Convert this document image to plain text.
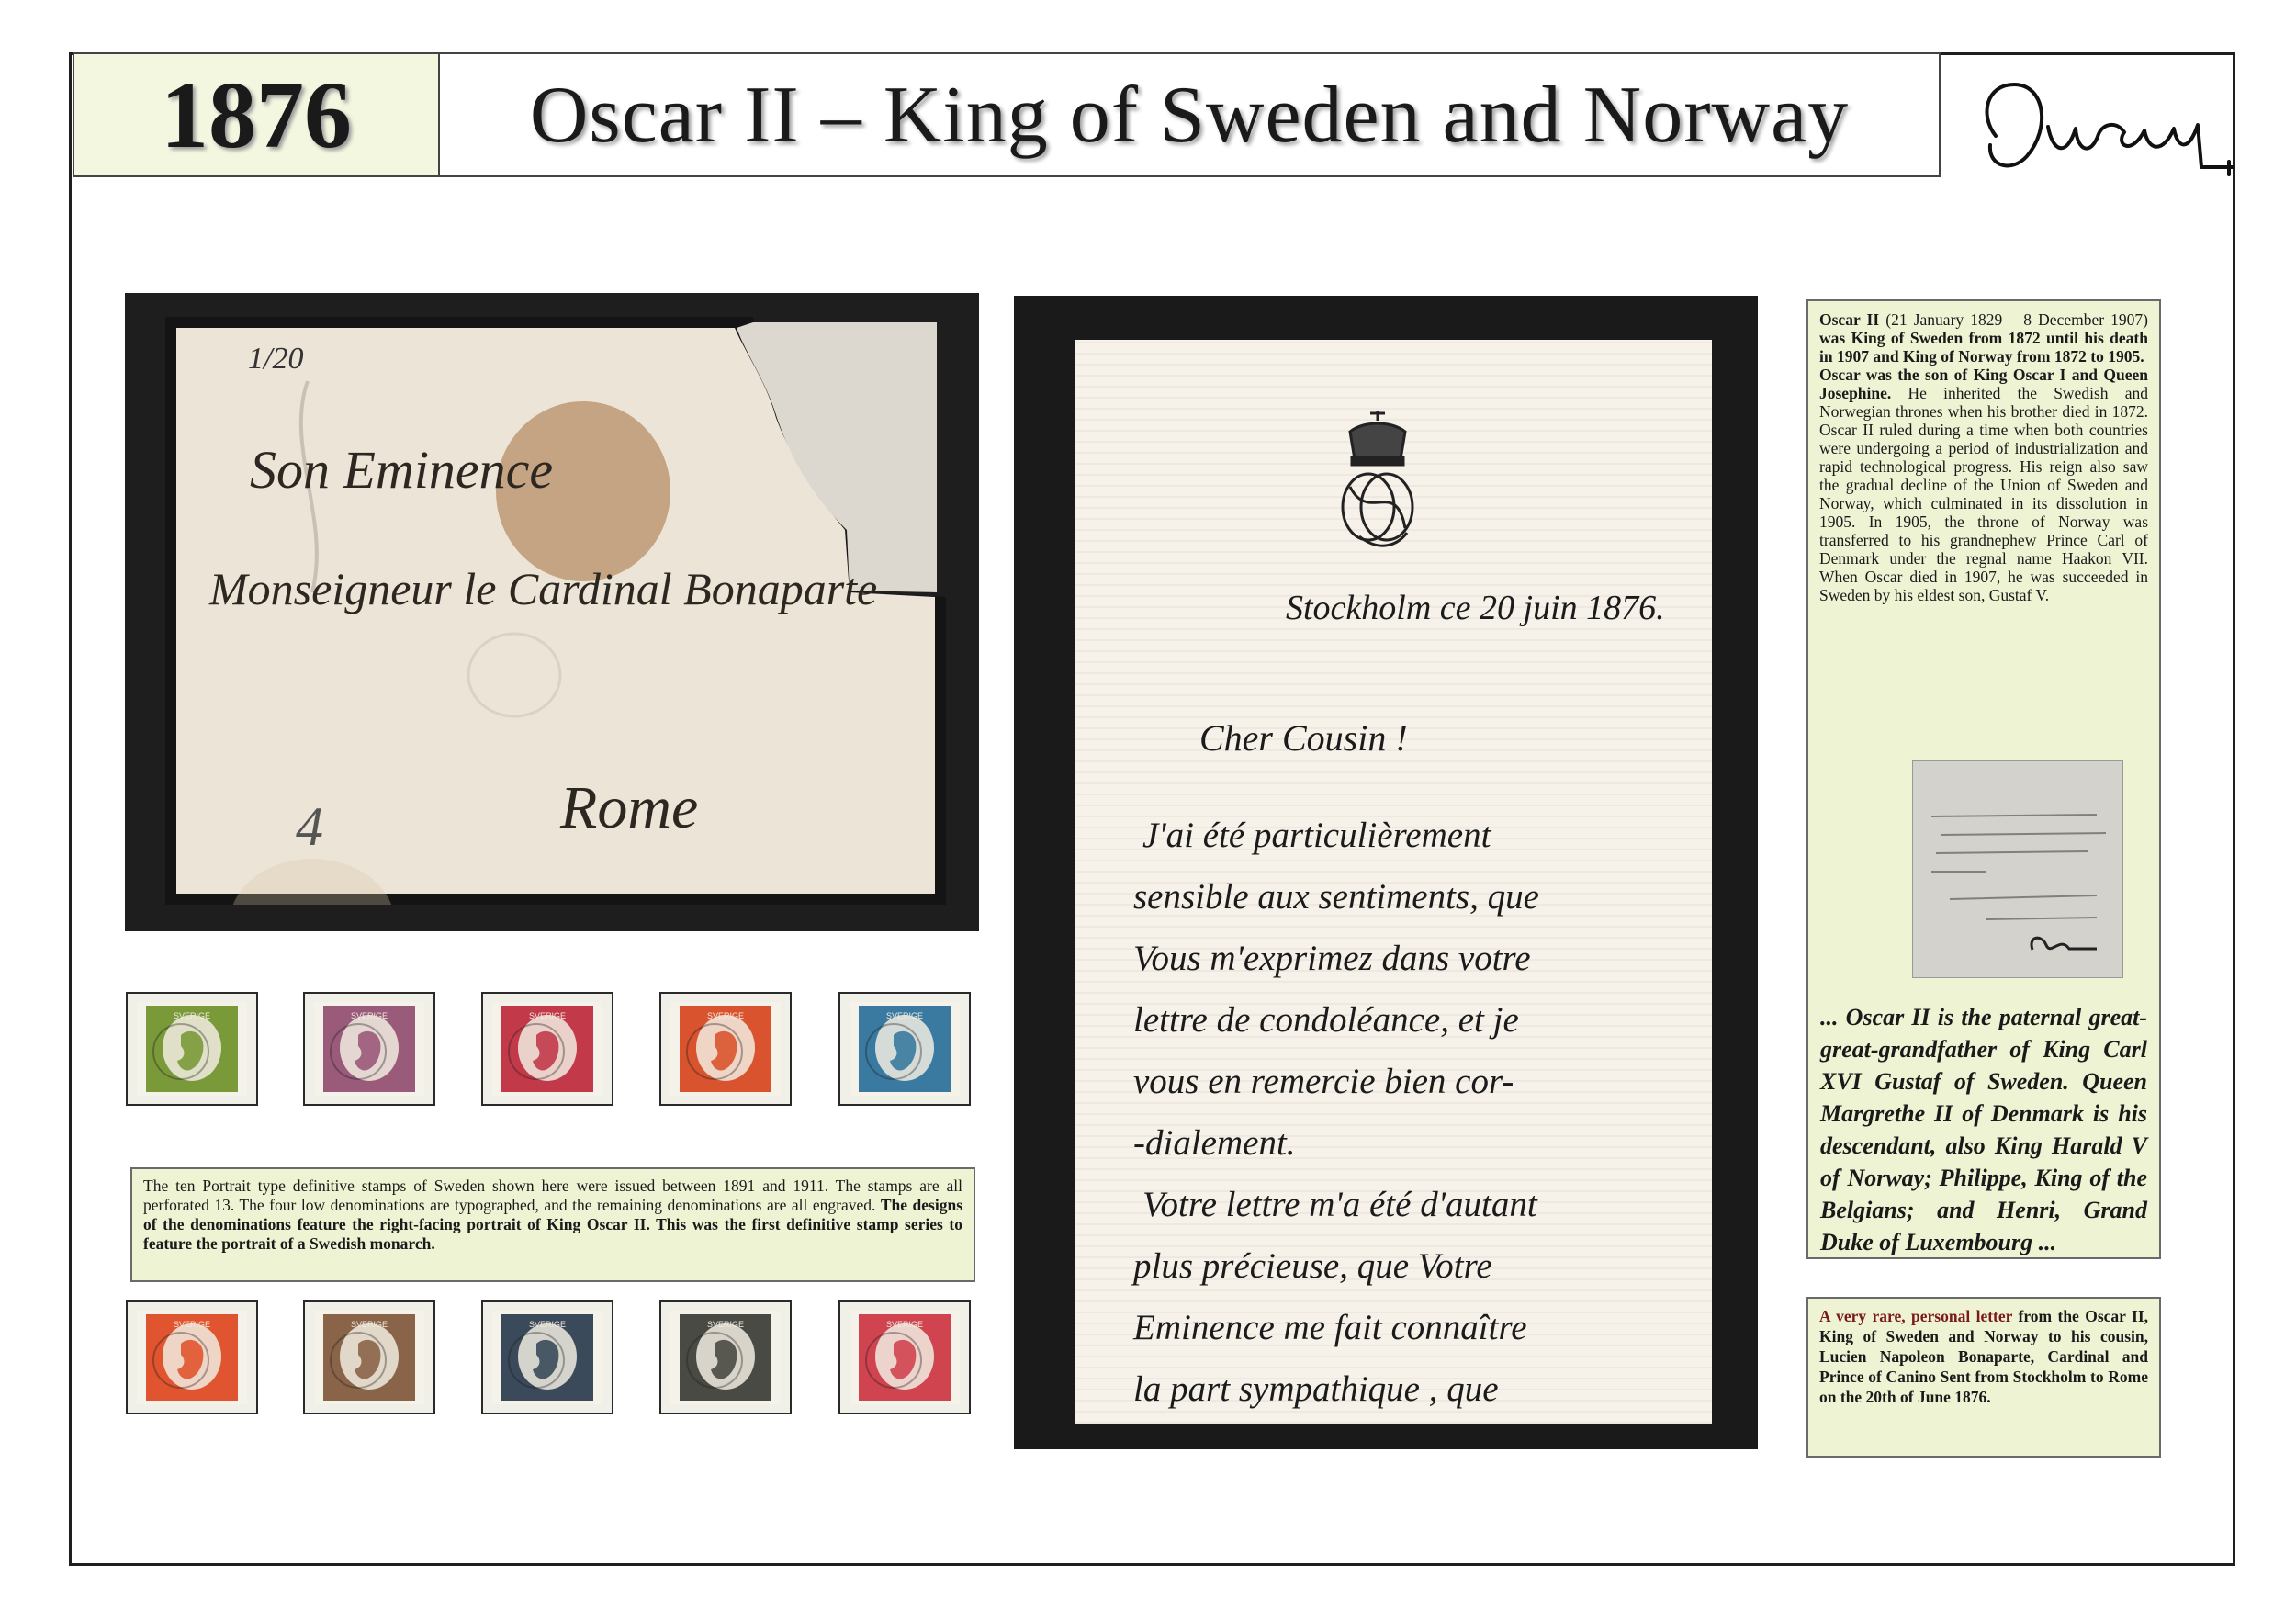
1876	Oscar II – King of Sweden and Norway
1/20
Son Eminence
Monseigneur le Cardinal Bonaparte
Rome
4
Stockholm ce 20 juin 1876.
Cher Cousin !
J'ai été particulièrement
sensible aux sentiments, que
Vous m'exprimez dans votre
lettre de condoléance, et je
vous en remercie bien cor-
-dialement.
Votre lettre m'a été d'autant
plus précieuse, que Votre
Eminence me fait connaître
la part sympathique , que

Oscar II (21 January 1829 – 8 December 1907) was King of Sweden from 1872 until his death in 1907 and King of Norway from 1872 to 1905.
Oscar was the son of King Oscar I and Queen Josephine. He inherited the Swedish and Norwegian thrones when his brother died in 1872. Oscar II ruled during a time when both countries were undergoing a period of industrialization and rapid technological progress. His reign also saw the gradual decline of the Union of Sweden and Norway, which culminated in its dissolution in 1905. In 1905, the throne of Norway was transferred to his grandnephew Prince Carl of Denmark under the regnal name Haakon VII. When Oscar died in 1907, he was succeeded in Sweden by his eldest son, Gustaf V.

... Oscar II is the paternal great-great-grandfather of King Carl XVI Gustaf of Sweden. Queen Margrethe II of Denmark is his descendant, also King Harald V of Norway; Philippe, King of the Belgians; and Henri, Grand Duke of Luxembourg ...

A very rare, personal letter from the Oscar II, King of Sweden and Norway to his cousin, Lucien Napoleon Bonaparte, Cardinal and Prince of Canino Sent from Stockholm to Rome on the 20th of June 1876.
SVERIGE	SVERIGE	SVERIGE	SVERIGE	SVERIGE
SVERIGE	SVERIGE	SVERIGE	SVERIGE	SVERIGE
The ten Portrait type definitive stamps of Sweden shown here were issued between 1891 and 1911. The stamps are all perforated 13. The four low denominations are typographed, and the remaining denominations are all engraved. The designs of the denominations feature the right-facing portrait of King Oscar II. This was the first definitive stamp series to feature the portrait of a Swedish monarch.
